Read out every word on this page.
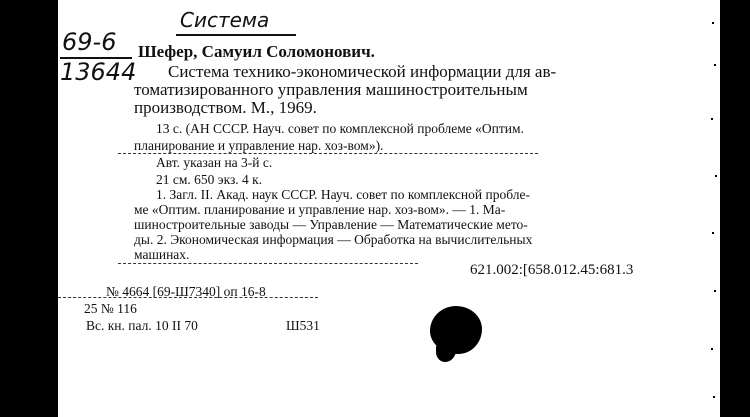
Система
69-6
13644
Шефер, Самуил Соломонович.
Система технико-экономической информации для ав-
томатизированного управления машиностроительным
производством. М., 1969.
13 с. (АН СССР. Науч. совет по комплексной проблеме «Оптим.
планирование и управление нар. хоз-вом»).
Авт. указан на 3-й с.
21 см. 650 экз. 4 к.
1. Загл. II. Акад. наук СССР. Науч. совет по комплексной пробле-
ме «Оптим. планирование и управление нар. хоз-вом». — 1. Ма-
шиностроительные заводы — Управление — Математические мето-
ды. 2. Экономическая информация — Обработка на вычислительных
машинах.
621.002:[658.012.45:681.3
№ 4664 [69-Ш7340] оп 16-8
25 № 116
Вс. кн. пал. 10 II 70	Ш531
